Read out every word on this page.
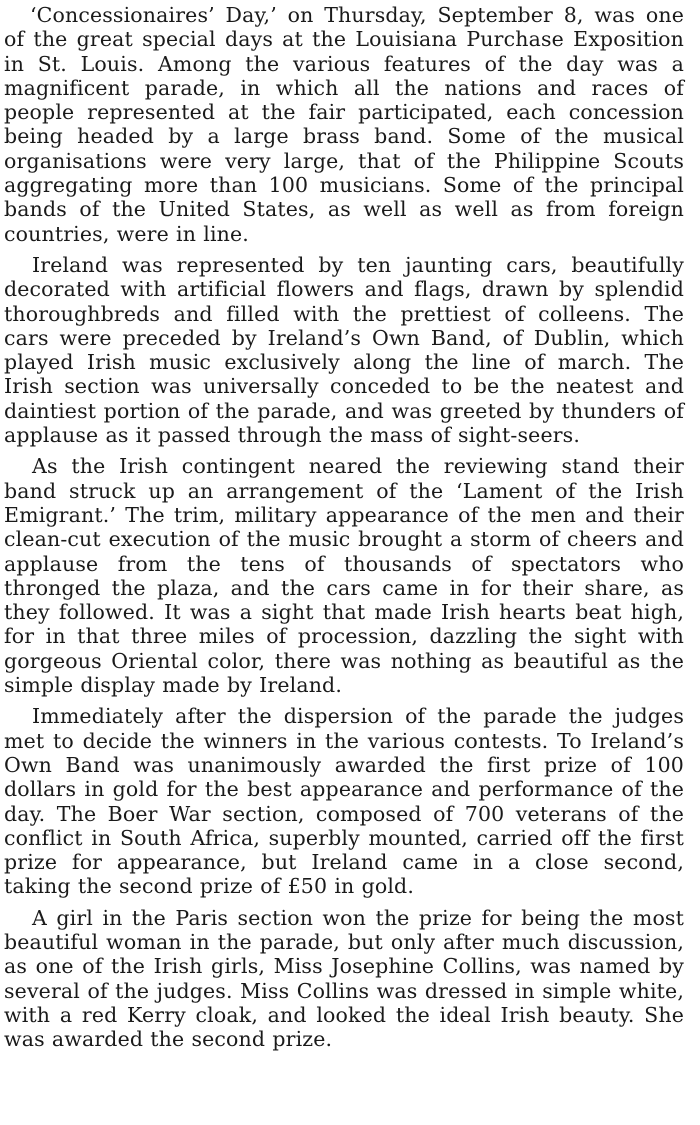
‘Concessionaires’ Day,’ on Thursday, September 8, was one of the great special days at the Louisiana Purchase Exposition in St. Louis. Among the various features of the day was a magnificent parade, in which all the nations and races of people represented at the fair participated, each concession being headed by a large brass band. Some of the musical organisations were very large, that of the Philippine Scouts aggregating more than 100 musicians. Some of the principal bands of the United States, as well as well as from foreign countries, were in line.

Ireland was represented by ten jaunting cars, beautifully decorated with artificial flowers and flags, drawn by splendid thoroughbreds and filled with the prettiest of colleens. The cars were preceded by Ireland’s Own Band, of Dublin, which played Irish music exclusively along the line of march. The Irish section was universally conceded to be the neatest and daintiest portion of the parade, and was greeted by thunders of applause as it passed through the mass of sight-seers.

As the Irish contingent neared the reviewing stand their band struck up an arrangement of the ‘Lament of the Irish Emigrant.’ The trim, military appearance of the men and their clean-cut execution of the music brought a storm of cheers and applause from the tens of thousands of spectators who thronged the plaza, and the cars came in for their share, as they followed. It was a sight that made Irish hearts beat high, for in that three miles of procession, dazzling the sight with gorgeous Oriental color, there was nothing as beautiful as the simple display made by Ireland.

Immediately after the dispersion of the parade the judges met to decide the winners in the various contests. To Ireland’s Own Band was unanimously awarded the first prize of 100 dollars in gold for the best appearance and performance of the day. The Boer War section, composed of 700 veterans of the conflict in South Africa, superbly mounted, carried off the first prize for appearance, but Ireland came in a close second, taking the second prize of £50 in gold.

A girl in the Paris section won the prize for being the most beautiful woman in the parade, but only after much discussion, as one of the Irish girls, Miss Josephine Collins, was named by several of the judges. Miss Collins was dressed in simple white, with a red Kerry cloak, and looked the ideal Irish beauty. She was awarded the second prize.
